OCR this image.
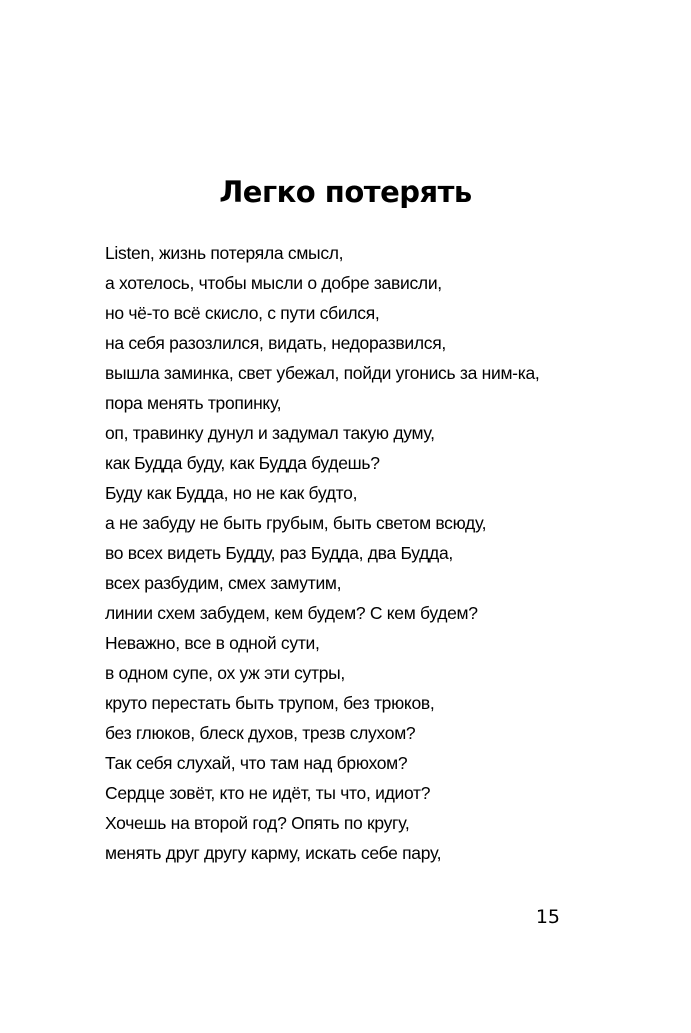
Легко потерять
Listen, жизнь потеряла смысл,
а хотелось, чтобы мысли о добре зависли,
но чё-то всё скисло, с пути сбился,
на себя разозлился, видать, недоразвился,
вышла заминка, свет убежал, пойди угонись за ним-ка,
пора менять тропинку,
оп, травинку дунул и задумал такую думу,
как Будда буду, как Будда будешь?
Буду как Будда, но не как будто,
а не забуду не быть грубым, быть светом всюду,
во всех видеть Будду, раз Будда, два Будда,
всех разбудим, смех замутим,
линии схем забудем, кем будем? С кем будем?
Неважно, все в одной сути,
в одном супе, ох уж эти сутры,
круто перестать быть трупом, без трюков,
без глюков, блеск духов, трезв слухом?
Так себя слухай, что там над брюхом?
Сердце зовёт, кто не идёт, ты что, идиот?
Хочешь на второй год? Опять по кругу,
менять друг другу карму, искать себе пару,
15
